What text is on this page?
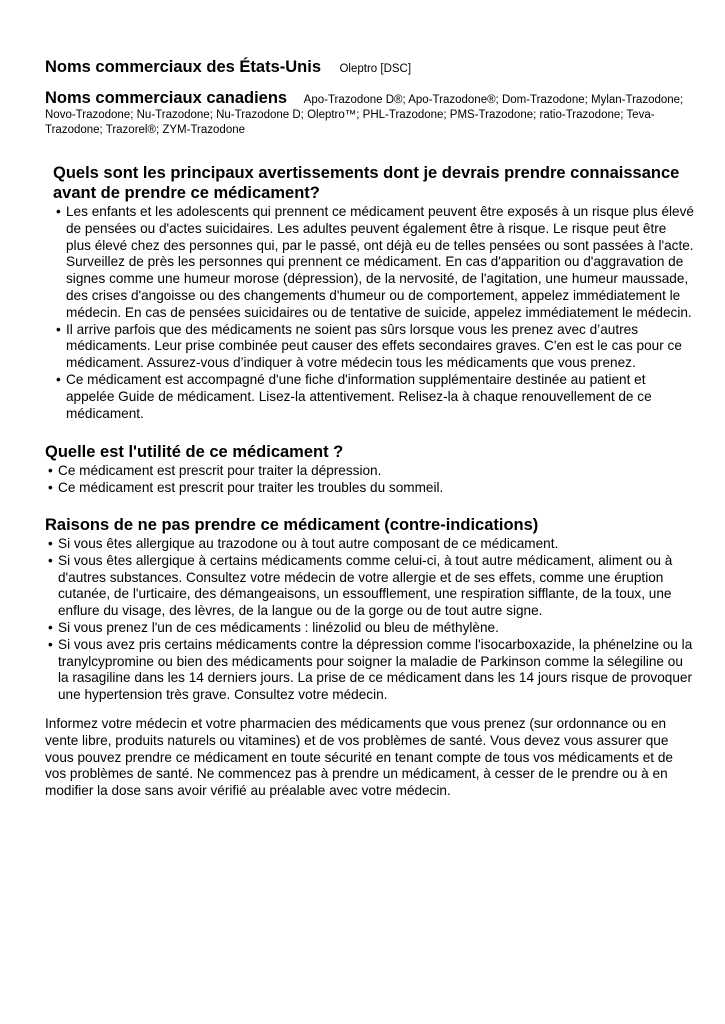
Noms commerciaux des États-Unis Oleptro [DSC]
Noms commerciaux canadiens Apo-Trazodone D®; Apo-Trazodone®; Dom-Trazodone; Mylan-Trazodone; Novo-Trazodone; Nu-Trazodone; Nu-Trazodone D; Oleptro™; PHL-Trazodone; PMS-Trazodone; ratio-Trazodone; Teva-Trazodone; Trazorel®; ZYM-Trazodone
Quels sont les principaux avertissements dont je devrais prendre connaissance avant de prendre ce médicament?
• Les enfants et les adolescents qui prennent ce médicament peuvent être exposés à un risque plus élevé de pensées ou d'actes suicidaires. Les adultes peuvent également être à risque. Le risque peut être plus élevé chez des personnes qui, par le passé, ont déjà eu de telles pensées ou sont passées à l'acte. Surveillez de près les personnes qui prennent ce médicament. En cas d'apparition ou d'aggravation de signes comme une humeur morose (dépression), de la nervosité, de l'agitation, une humeur maussade, des crises d'angoisse ou des changements d'humeur ou de comportement, appelez immédiatement le médecin. En cas de pensées suicidaires ou de tentative de suicide, appelez immédiatement le médecin.
• Il arrive parfois que des médicaments ne soient pas sûrs lorsque vous les prenez avec d’autres médicaments. Leur prise combinée peut causer des effets secondaires graves. C'en est le cas pour ce médicament. Assurez-vous d’indiquer à votre médecin tous les médicaments que vous prenez.
• Ce médicament est accompagné d'une fiche d'information supplémentaire destinée au patient et appelée Guide de médicament. Lisez-la attentivement. Relisez-la à chaque renouvellement de ce médicament.
Quelle est l'utilité de ce médicament ?
• Ce médicament est prescrit pour traiter la dépression.
• Ce médicament est prescrit pour traiter les troubles du sommeil.
Raisons de ne pas prendre ce médicament (contre-indications)
• Si vous êtes allergique au trazodone ou à tout autre composant de ce médicament.
• Si vous êtes allergique à certains médicaments comme celui-ci, à tout autre médicament, aliment ou à d'autres substances. Consultez votre médecin de votre allergie et de ses effets, comme une éruption cutanée, de l'urticaire, des démangeaisons, un essoufflement, une respiration sifflante, de la toux, une enflure du visage, des lèvres, de la langue ou de la gorge ou de tout autre signe.
• Si vous prenez l'un de ces médicaments : linézolid ou bleu de méthylène.
• Si vous avez pris certains médicaments contre la dépression comme l'isocarboxazide, la phénelzine ou la tranylcypromine ou bien des médicaments pour soigner la maladie de Parkinson comme la sélegiline ou la rasagiline dans les 14 derniers jours. La prise de ce médicament dans les 14 jours risque de provoquer une hypertension très grave. Consultez votre médecin.

Informez votre médecin et votre pharmacien des médicaments que vous prenez (sur ordonnance ou en vente libre, produits naturels ou vitamines) et de vos problèmes de santé. Vous devez vous assurer que vous pouvez prendre ce médicament en toute sécurité en tenant compte de tous vos médicaments et de vos problèmes de santé. Ne commencez pas à prendre un médicament, à cesser de le prendre ou à en modifier la dose sans avoir vérifié au préalable avec votre médecin.
